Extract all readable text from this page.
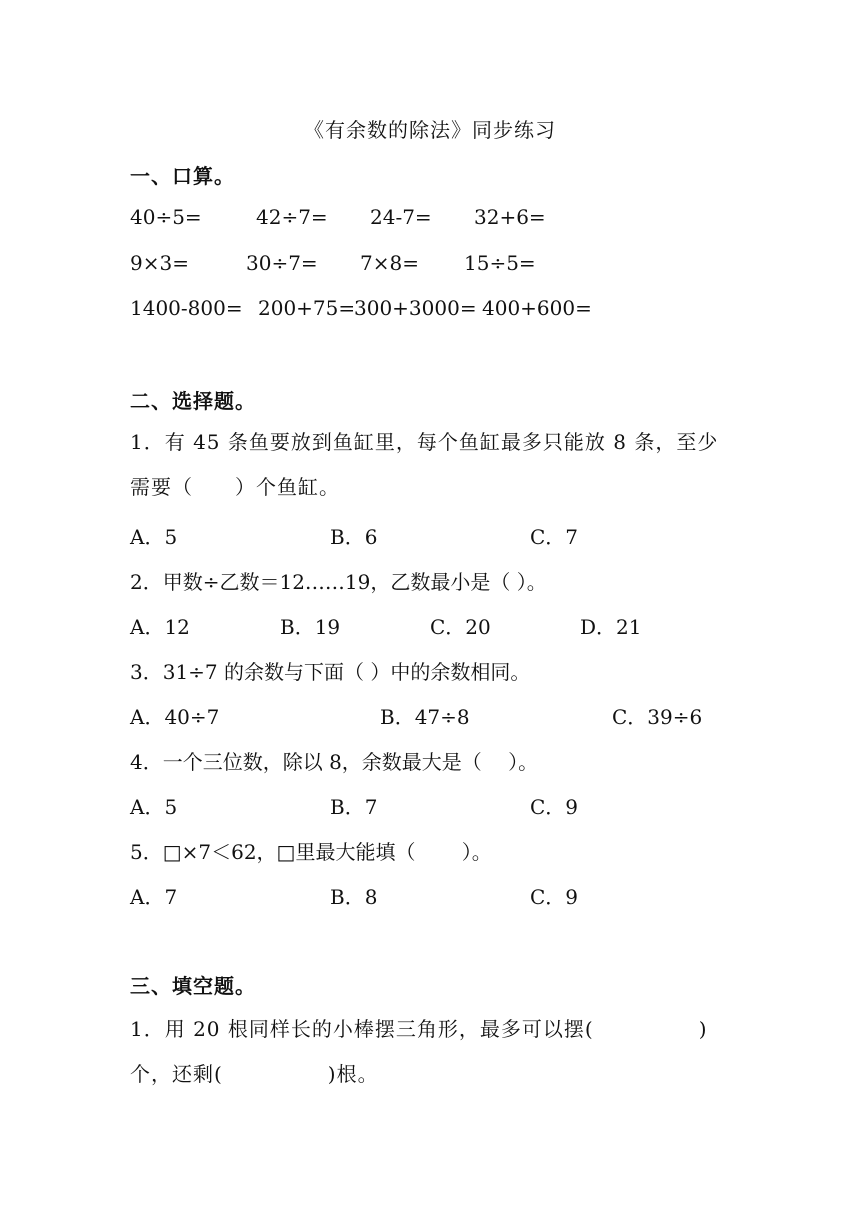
《有余数的除法》同步练习
一、口算。
40÷5=	42÷7= 24-7= 32+6=
9×3=	30÷7= 7×8= 15÷5=
1400-800= 200+75=
300+3000= 400+600=
二、选择题。
1．有 45 条鱼要放到鱼缸里，每个鱼缸最多只能放 8 条，至少需要（　　）个鱼缸。
A．5	B．6	C．7
2．甲数÷乙数＝12……19，乙数最小是（ ）。
A．12	B．19	C．20	D．21
3．31÷7 的余数与下面（ ）中的余数相同。
A．40÷7	B．47÷8	C．39÷6
4．一个三位数，除以 8，余数最大是（　 ）。
A．5	B．7	C．9
5．□×7＜62，□里最大能填（　　 ）。
A．7	B．8	C．9
三、填空题。
1．用 20 根同样长的小棒摆三角形，最多可以摆(　　　　　)个，还剩(　　　　　)根。
